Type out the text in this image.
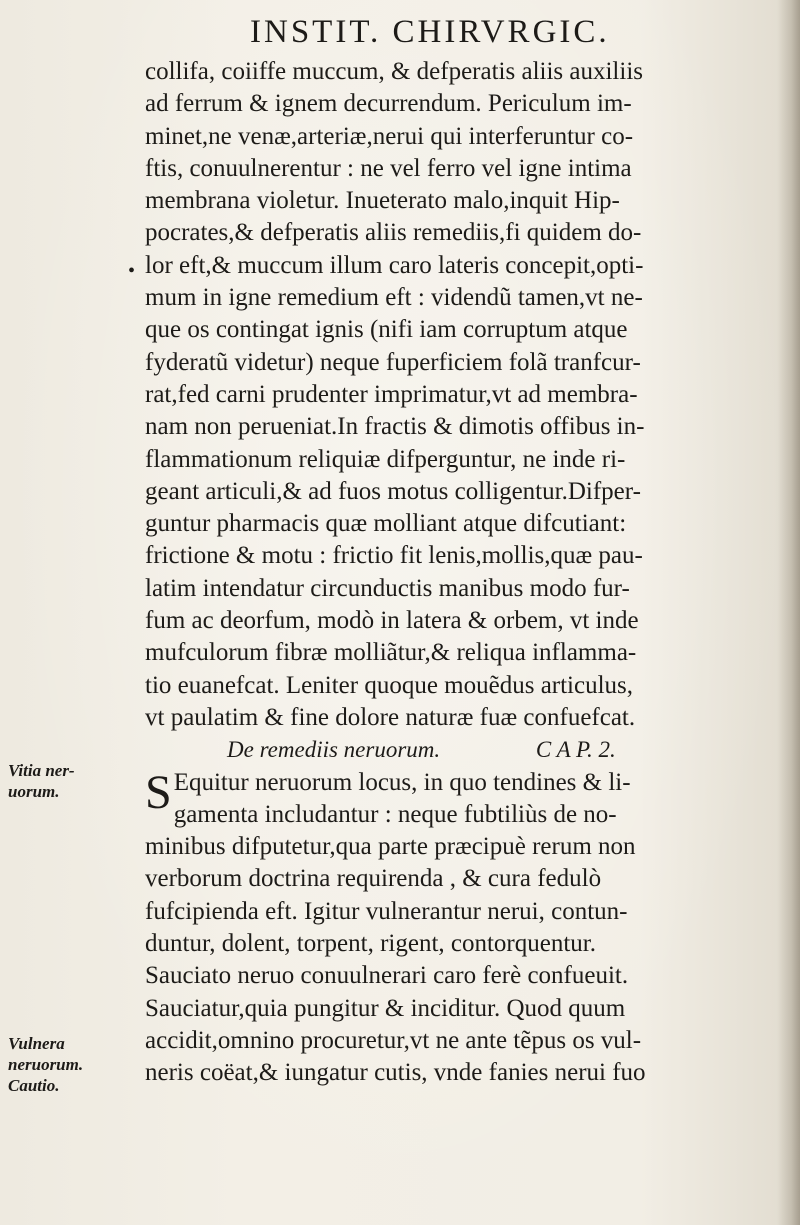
INSTIT. CHIRVRGIC.
•
collifa, coiiffe muccum, & defperatis aliis auxiliis
ad ferrum & ignem decurrendum. Periculum im-
minet,ne venæ,arteriæ,nerui qui interferuntur co-
ftis, conuulnerentur : ne vel ferro vel igne intima
membrana violetur. Inueterato malo,inquit Hip-
pocrates,& defperatis aliis remediis,fi quidem do-
lor eft,& muccum illum caro lateris concepit,opti-
mum in igne remedium eft : videndũ tamen,vt ne-
que os contingat ignis (nifi iam corruptum atque
fyderatũ videtur) neque fuperficiem folã tranfcur-
rat,fed carni prudenter imprimatur,vt ad membra-
nam non perueniat.In fractis & dimotis offibus in-
flammationum reliquiæ difperguntur, ne inde ri-
geant articuli,& ad fuos motus colligentur.Difper-
guntur pharmacis quæ molliant atque difcutiant:
frictione & motu : frictio fit lenis,mollis,quæ pau-
latim intendatur circunductis manibus modo fur-
fum ac deorfum, modò in latera & orbem, vt inde
mufculorum fibræ molliãtur,& reliqua inflamma-
tio euanefcat. Leniter quoque mouẽdus articulus,
vt paulatim & fine dolore naturæ fuæ confuefcat.
De remediis neruorum.	C A P. 2.
S Equitur neruorum locus, in quo tendines & li-
gamenta includantur : neque fubtiliùs de no-
minibus difputetur,qua parte præcipuè rerum non
verborum doctrina requirenda , & cura fedulò
fufcipienda eft. Igitur vulnerantur nerui, contun-
duntur, dolent, torpent, rigent, contorquentur.
Sauciato neruo conuulnerari caro ferè confueuit.
Sauciatur,quia pungitur & inciditur. Quod quum
accidit,omnino procuretur,vt ne ante tẽpus os vul-
neris coëat,& iungatur cutis, vnde fanies nerui fuo
Vitia ner-
uorum.
Vulnera
neruorum.
Cautio.
